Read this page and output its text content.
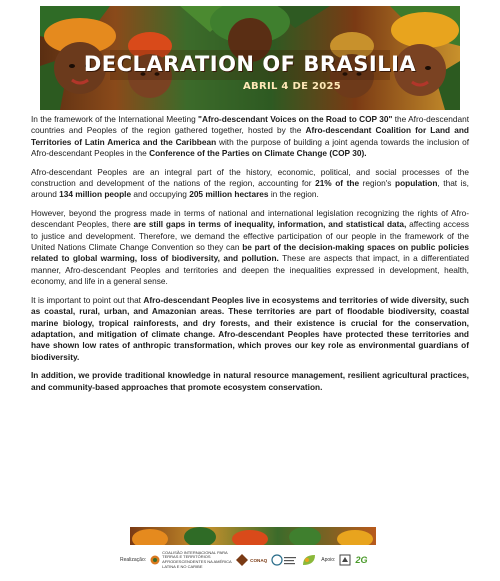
DECLARATION OF BRASILIA
ABRIL 4 DE 2025

In the framework of the International Meeting "Afro-descendant Voices on the Road to COP 30" the Afro-descendant countries and Peoples of the region gathered together, hosted by the Afro-descendant Coalition for Land and Territories of Latin America and the Caribbean with the purpose of building a joint agenda towards the inclusion of Afro-descendant Peoples in the Conference of the Parties on Climate Change (COP 30).

Afro-descendant Peoples are an integral part of the history, economic, political, and social processes of the construction and development of the nations of the region, accounting for 21% of the region's population, that is, around 134 million people and occupying 205 million hectares in the region.

However, beyond the progress made in terms of national and international legislation recognizing the rights of Afro-descendant Peoples, there are still gaps in terms of inequality, information, and statistical data, affecting access to justice and development. Therefore, we demand the effective participation of our people in the framework of the United Nations Climate Change Convention so they can be part of the decision-making spaces on public policies related to global warming, loss of biodiversity, and pollution. These are aspects that impact, in a differentiated manner, Afro-descendant Peoples and territories and deepen the inequalities expressed in development, health, economy, and life in a general sense.

It is important to point out that Afro-descendant Peoples live in ecosystems and territories of wide diversity, such as coastal, rural, urban, and Amazonian areas. These territories are part of floodable biodiversity, coastal marine biology, tropical rainforests, and dry forests, and their existence is crucial for the conservation, adaptation, and mitigation of climate change. Afro-descendant Peoples have protected these territories and have shown low rates of anthropic transformation, which proves our key role as environmental guardians of biodiversity.

In addition, we provide traditional knowledge in natural resource management, resilient agricultural practices, and community-based approaches that promote ecosystem conservation.

Realização:
COALISÃO INTERNACIONAL PARA TERRAS E TERRITÓRIOS AFRODESCENDENTES NA AMÉRICA LATINA E NO CARIBE
CONAQ	Apoio: 2G
